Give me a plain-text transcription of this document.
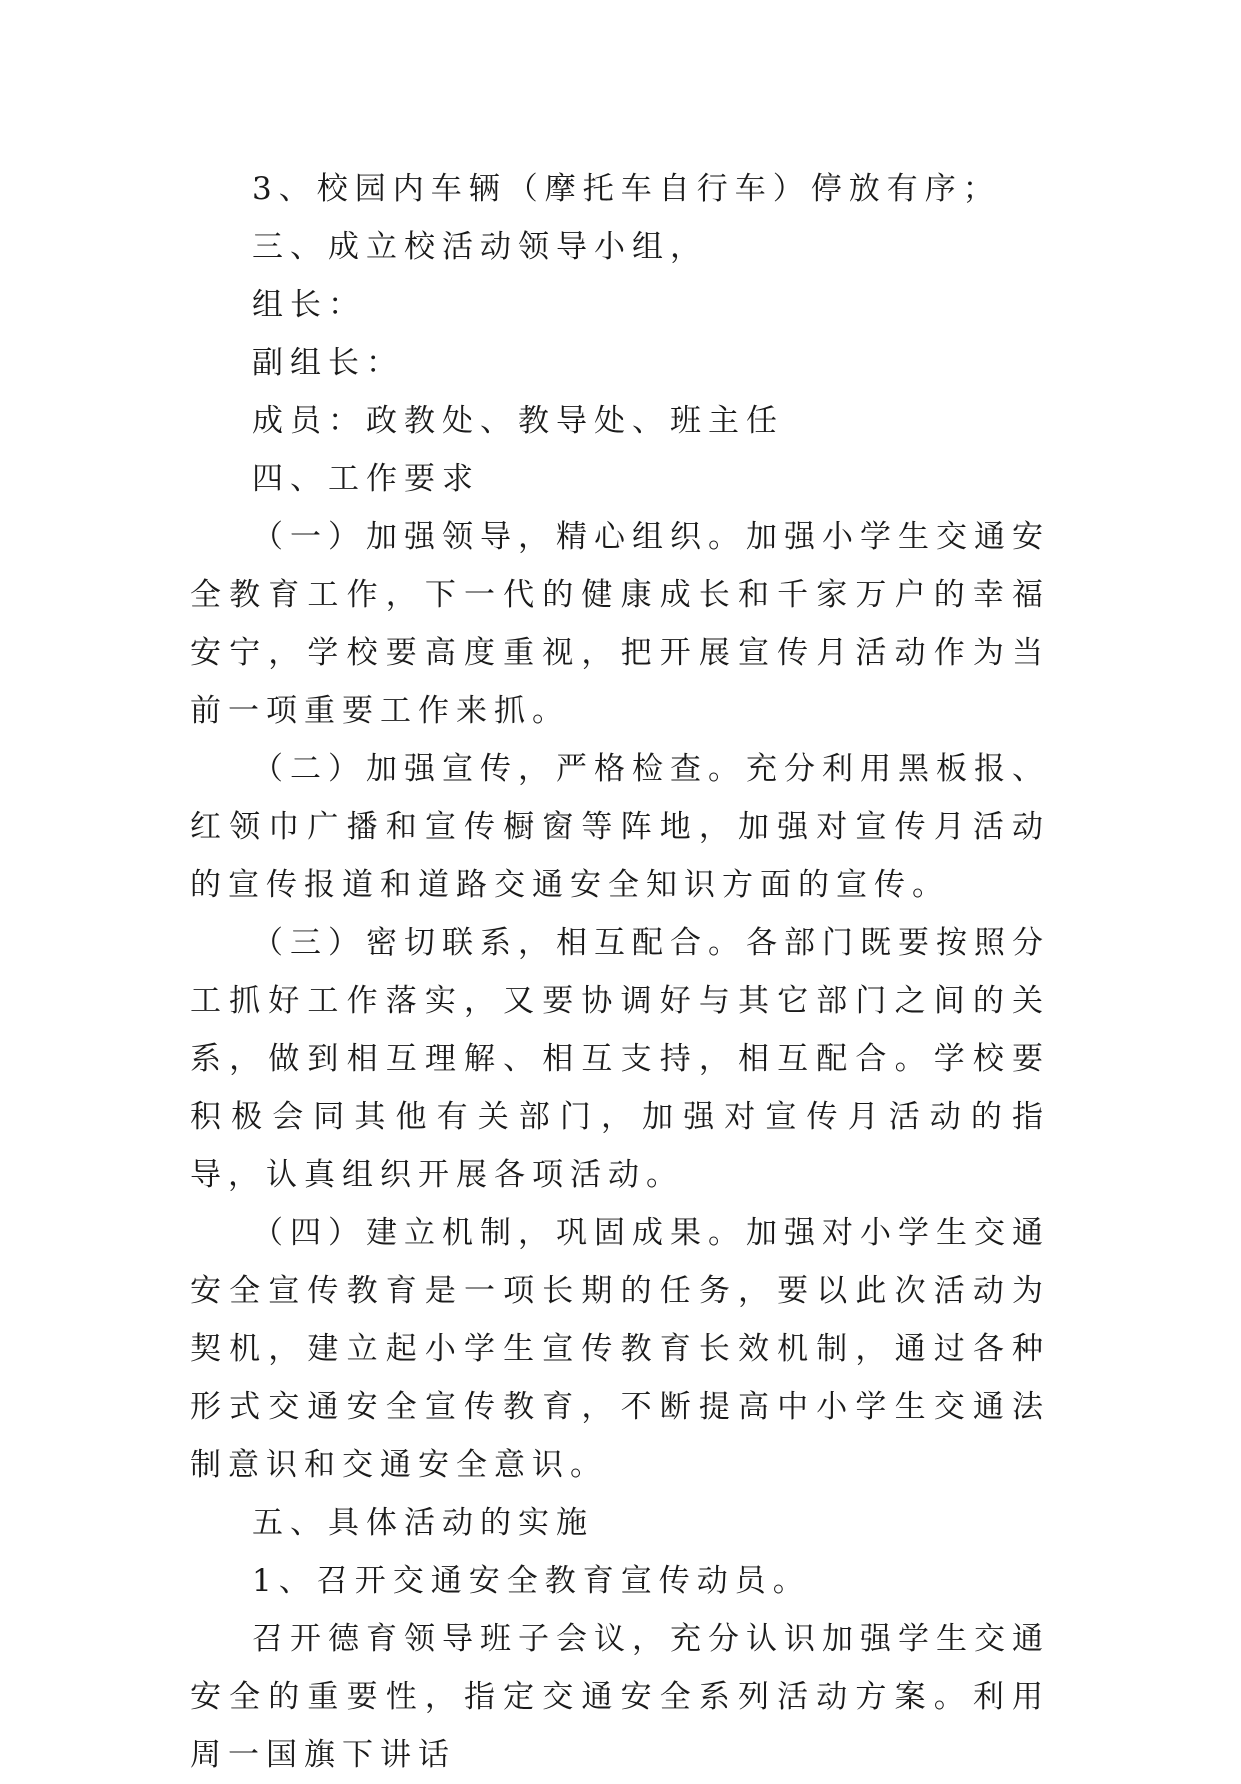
3、校园内车辆（摩托车自行车）停放有序；

三、成立校活动领导小组，

组长：

副组长：

成员：政教处、教导处、班主任

四、工作要求

（一）加强领导，精心组织。加强小学生交通安全教育工作，下一代的健康成长和千家万户的幸福安宁，学校要高度重视，把开展宣传月活动作为当前一项重要工作来抓。

（二）加强宣传，严格检查。充分利用黑板报、红领巾广播和宣传橱窗等阵地，加强对宣传月活动的宣传报道和道路交通安全知识方面的宣传。

（三）密切联系，相互配合。各部门既要按照分工抓好工作落实，又要协调好与其它部门之间的关系，做到相互理解、相互支持，相互配合。学校要积极会同其他有关部门，加强对宣传月活动的指导，认真组织开展各项活动。

（四）建立机制，巩固成果。加强对小学生交通安全宣传教育是一项长期的任务，要以此次活动为契机，建立起小学生宣传教育长效机制，通过各种形式交通安全宣传教育，不断提高中小学生交通法制意识和交通安全意识。

五、具体活动的实施

1、召开交通安全教育宣传动员。

召开德育领导班子会议，充分认识加强学生交通安全的重要性，指定交通安全系列活动方案。利用周一国旗下讲话
